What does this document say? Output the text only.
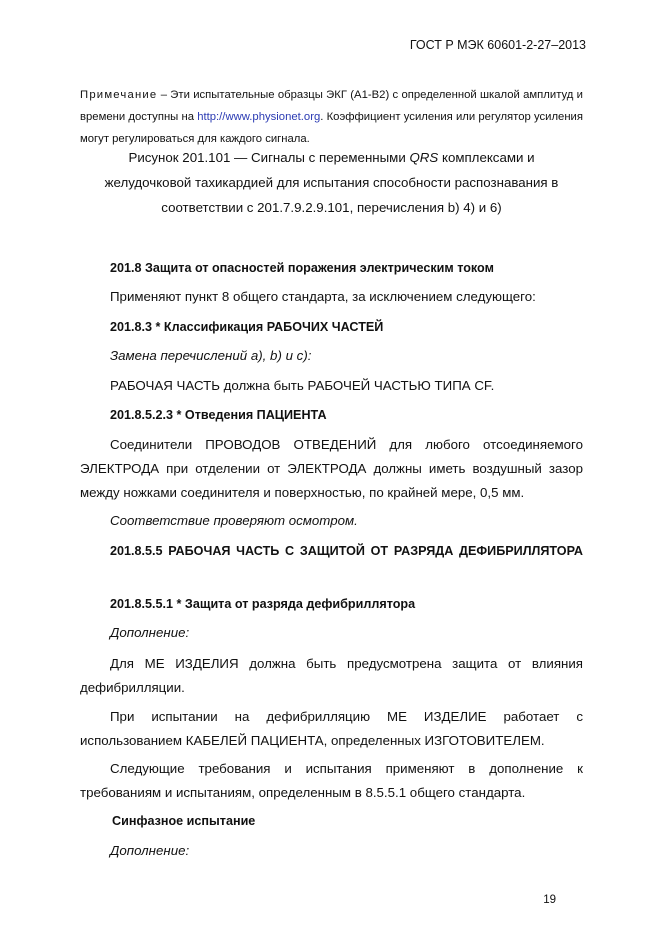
ГОСТ Р МЭК 60601-2-27–2013
Примечание – Эти испытательные образцы ЭКГ (А1-В2) с определенной шкалой амплитуд и времени доступны на http://www.physionet.org. Коэффициент усиления или регулятор усиления могут регулироваться для каждого сигнала.

Рисунок 201.101 — Сигналы с переменными QRS комплексами и

желудочковой тахикардией для испытания способности распознавания в

соответствии с 201.7.9.2.9.101, перечисления b) 4) и 6)

201.8 Защита от опасностей поражения электрическим током
Применяют пункт 8 общего стандарта, за исключением следующего:
201.8.3 * Классификация РАБОЧИХ ЧАСТЕЙ
Замена перечислений a), b) и c):
РАБОЧАЯ ЧАСТЬ должна быть РАБОЧЕЙ ЧАСТЬЮ ТИПА CF.
201.8.5.2.3 * Отведения ПАЦИЕНТА
Соединители ПРОВОДОВ ОТВЕДЕНИЙ для любого отсоединяемого ЭЛЕКТРОДА при отделении от ЭЛЕКТРОДА должны иметь воздушный зазор между ножками соединителя и поверхностью, по крайней мере, 0,5 мм.
Соответствие проверяют осмотром.
201.8.5.5 РАБОЧАЯ ЧАСТЬ С ЗАЩИТОЙ ОТ РАЗРЯДА ДЕФИБРИЛЛЯТОРА
201.8.5.5.1 * Защита от разряда дефибриллятора
Дополнение:
Для МЕ ИЗДЕЛИЯ должна быть предусмотрена защита от влияния дефибрилляции.
При испытании на дефибрилляцию МЕ ИЗДЕЛИЕ работает с использованием КАБЕЛЕЙ ПАЦИЕНТА, определенных ИЗГОТОВИТЕЛЕМ.
Следующие требования и испытания применяют в дополнение к требованиям и испытаниям, определенным в 8.5.5.1 общего стандарта.
Синфазное испытание
Дополнение:
19
